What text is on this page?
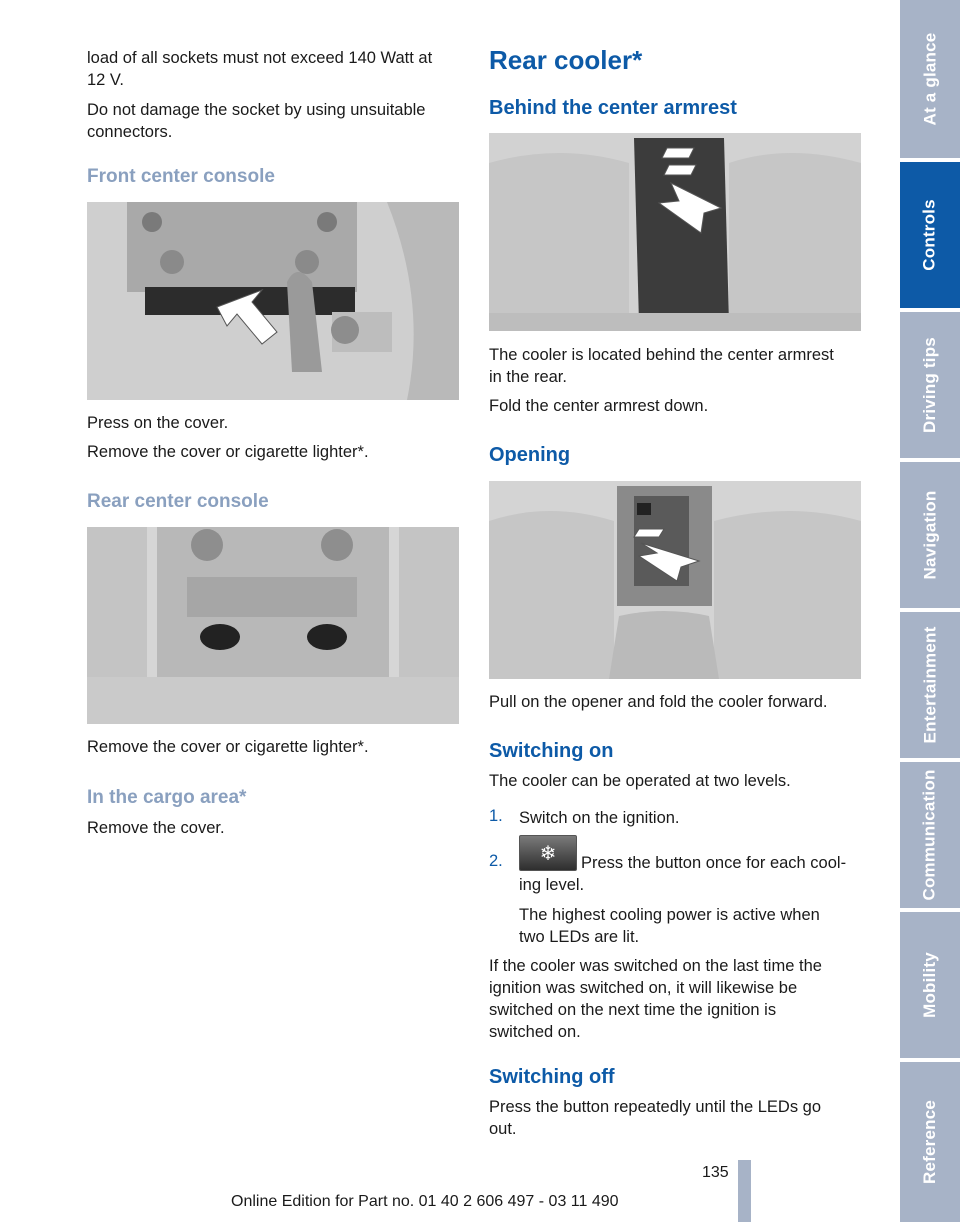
load of all sockets must not exceed 140 Watt at

12 V.

Do not damage the socket by using unsuitable

connectors.

Front center console

Press on the cover.

Remove the cover or cigarette lighter*.

Rear center console

Remove the cover or cigarette lighter*.

In the cargo area*

Remove the cover.

Rear cooler*
Behind the center armrest

The cooler is located behind the center armrest

in the rear.

Fold the center armrest down.

Opening

Pull on the opener and fold the cooler forward.

Switching on

The cooler can be operated at two levels.

1. Switch on the ignition.

2. ❄ Press the button once for each cool-

ing level.

The highest cooling power is active when

two LEDs are lit.

If the cooler was switched on the last time the

ignition was switched on, it will likewise be

switched on the next time the ignition is

switched on.

Switching off

Press the button repeatedly until the LEDs go

out.

At a glance
Controls
Driving tips
Navigation
Entertainment
Communication
Mobility
Reference
135
Online Edition for Part no. 01 40 2 606 497 - 03 11 490
